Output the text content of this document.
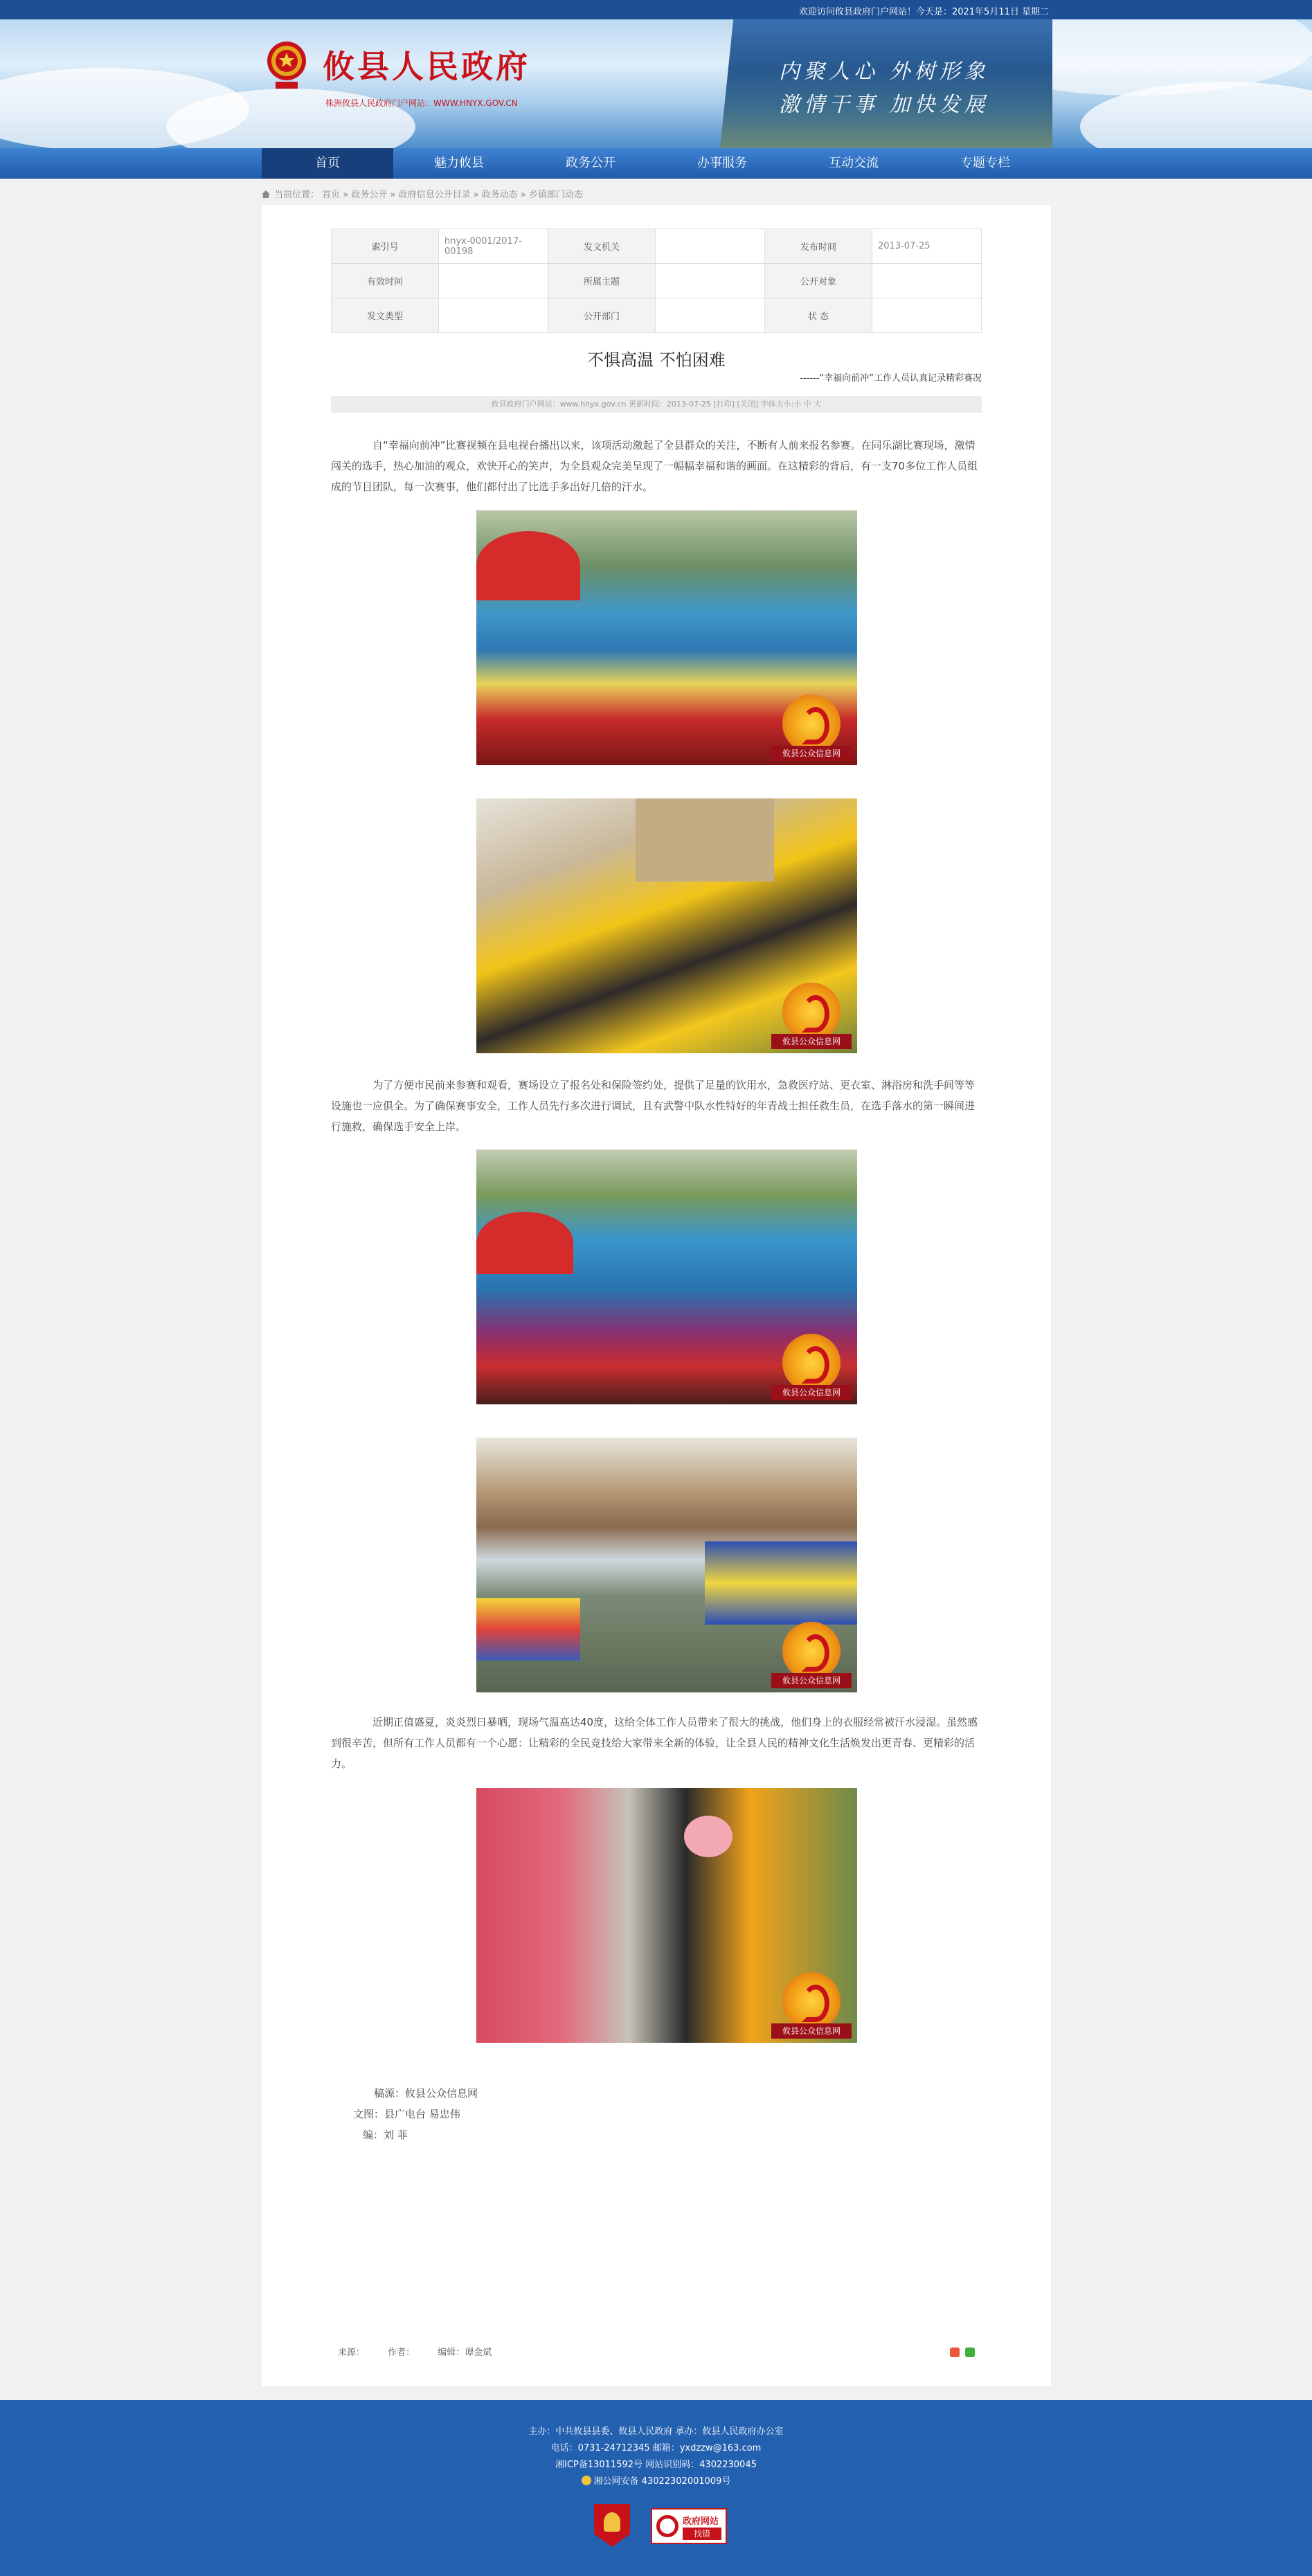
欢迎访问攸县政府门户网站！今天是：2021年5月11日 星期二
攸县人民政府
株洲攸县人民政府门户网站：WWW.HNYX.GOV.CN
内聚人心 外树形象
激情干事 加快发展
首页	魅力攸县	政务公开	办事服务	互动交流	专题专栏
当前位置： 首页 » 政务公开 » 政府信息公开目录 » 政务动态 » 乡镇部门动态
索引号	hnyx-0001/2017-00198	发文机关		发布时间	2013-07-25
有效时间		所属主题		公开对象	
发文类型		公开部门		状 态	
不惧高温 不怕困难
------“幸福向前冲”工作人员认真记录精彩赛况
攸县政府门户网站：www.hnyx.gov.cn 更新时间：2013-07-25 [打印] [关闭] 字体大小:小 中 大
自“幸福向前冲”比赛视频在县电视台播出以来，该项活动激起了全县群众的关注，不断有人前来报名参赛。在同乐湖比赛现场，激情闯关的选手，热心加油的观众，欢快开心的笑声，为全县观众完美呈现了一幅幅幸福和谐的画面。在这精彩的背后，有一支70多位工作人员组成的节目团队，每一次赛事，他们都付出了比选手多出好几倍的汗水。
攸县公众信息网
攸县公众信息网
为了方便市民前来参赛和观看，赛场设立了报名处和保险签约处，提供了足量的饮用水，急救医疗站、更衣室、淋浴房和洗手间等等设施也一应俱全。为了确保赛事安全，工作人员先行多次进行调试，且有武警中队水性特好的年青战士担任救生员，在选手落水的第一瞬间进行施救，确保选手安全上岸。
攸县公众信息网
攸县公众信息网
近期正值盛夏，炎炎烈日暴晒，现场气温高达40度，这给全体工作人员带来了很大的挑战，他们身上的衣服经常被汗水浸湿。虽然感到很辛苦，但所有工作人员都有一个心愿：让精彩的全民竞技给大家带来全新的体验，让全县人民的精神文化生活焕发出更青春、更精彩的活力。
攸县公众信息网
稿源：攸县公众信息网
文图：县广电台 易忠伟
编：刘 菲
来源：	作者：	编辑：谭金斌
主办：中共攸县县委、攸县人民政府 承办：攸县人民政府办公室
电话：0731-24712345 邮箱：yxdzzw@163.com
湘ICP备13011592号 网站识别码：4302230045
湘公网安备 43022302001009号
政府网站
找错
